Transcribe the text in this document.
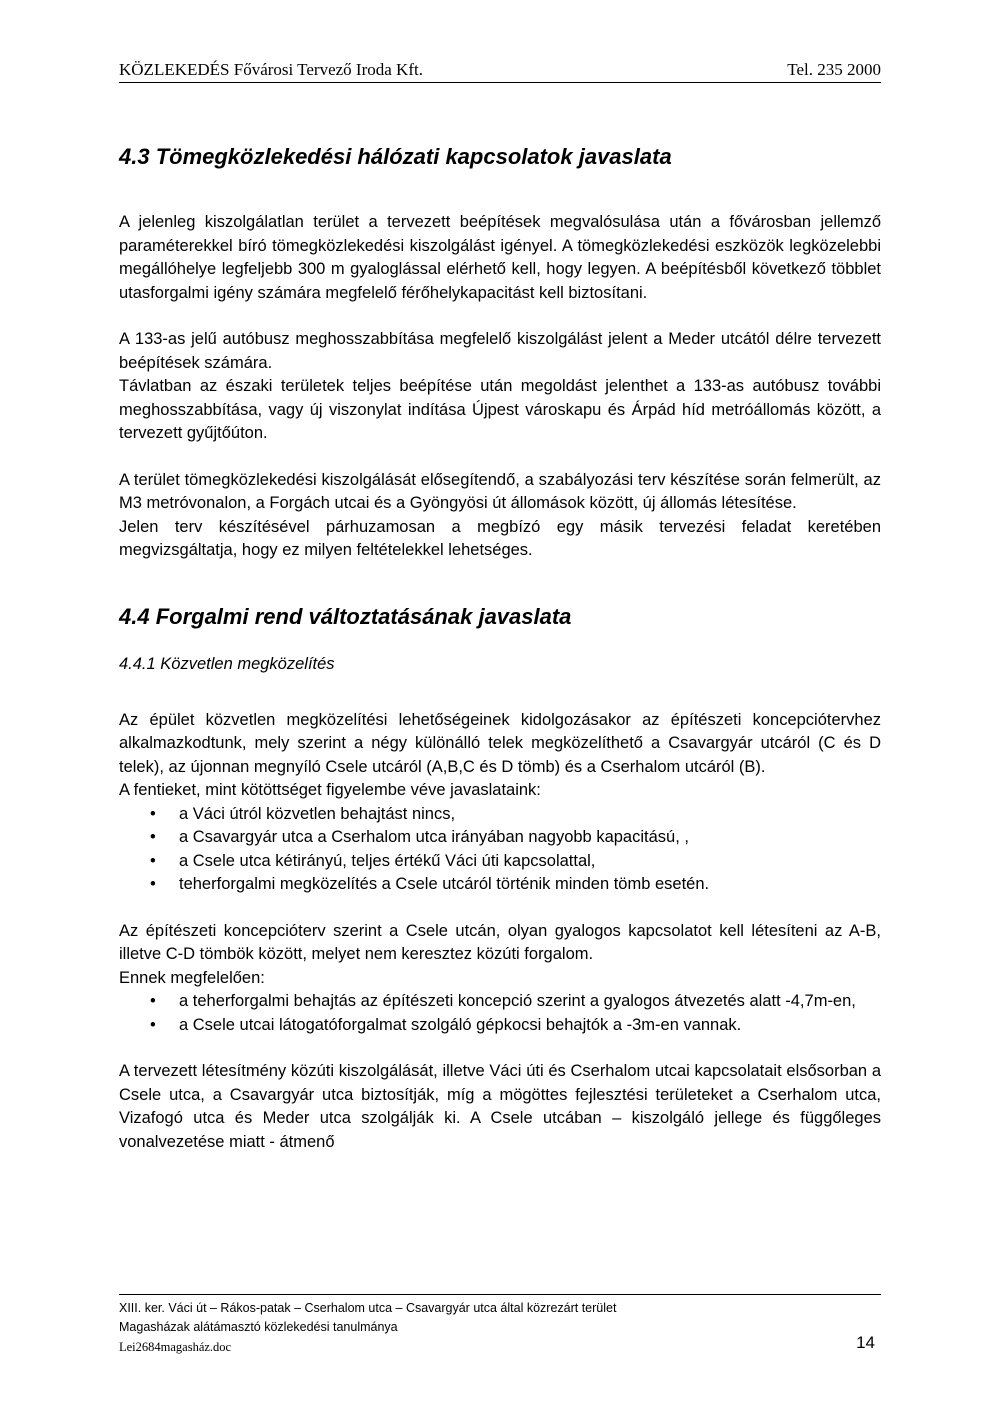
KÖZLEKEDÉS Fővárosi Tervező Iroda Kft.	Tel. 235 2000
4.3 Tömegközlekedési hálózati kapcsolatok javaslata

A jelenleg kiszolgálatlan terület a tervezett beépítések megvalósulása után a fővárosban jellemző paraméterekkel bíró tömegközlekedési kiszolgálást igényel. A tömegközlekedési eszközök legközelebbi megállóhelye legfeljebb 300 m gyaloglással elérhető kell, hogy legyen. A beépítésből következő többlet utasforgalmi igény számára megfelelő férőhelykapacitást kell biztosítani.

A 133-as jelű autóbusz meghosszabbítása megfelelő kiszolgálást jelent a Meder utcától délre tervezett beépítések számára.

Távlatban az északi területek teljes beépítése után megoldást jelenthet a 133-as autóbusz további meghosszabbítása, vagy új viszonylat indítása Újpest városkapu és Árpád híd metróállomás között, a tervezett gyűjtőúton.

A terület tömegközlekedési kiszolgálását elősegítendő, a szabályozási terv készítése során felmerült, az M3 metróvonalon, a Forgách utcai és a Gyöngyösi út állomások között, új állomás létesítése.

Jelen terv készítésével párhuzamosan a megbízó egy másik tervezési feladat keretében megvizsgáltatja, hogy ez milyen feltételekkel lehetséges.

4.4 Forgalmi rend változtatásának javaslata
4.4.1 Közvetlen megközelítés

Az épület közvetlen megközelítési lehetőségeinek kidolgozásakor az építészeti koncepciótervhez alkalmazkodtunk, mely szerint a négy különálló telek megközelíthető a Csavargyár utcáról (C és D telek), az újonnan megnyíló Csele utcáról (A,B,C és D tömb) és a Cserhalom utcáról (B).

A fentieket, mint kötöttséget figyelembe véve javaslataink:

• a Váci útról közvetlen behajtást nincs,
• a Csavargyár utca a Cserhalom utca irányában nagyobb kapacitású, ,
• a Csele utca kétirányú, teljes értékű Váci úti kapcsolattal,
• teherforgalmi megközelítés a Csele utcáról történik minden tömb esetén.

Az építészeti koncepcióterv szerint a Csele utcán, olyan gyalogos kapcsolatot kell létesíteni az A-B, illetve C-D tömbök között, melyet nem keresztez közúti forgalom.

Ennek megfelelően:

• a teherforgalmi behajtás az építészeti koncepció szerint a gyalogos átvezetés alatt -4,7m-en,
• a Csele utcai látogatóforgalmat szolgáló gépkocsi behajtók a -3m-en vannak.

A tervezett létesítmény közúti kiszolgálását, illetve Váci úti és Cserhalom utcai kapcsolatait elsősorban a Csele utca, a Csavargyár utca biztosítják, míg a mögöttes fejlesztési területeket a Cserhalom utca, Vizafogó utca és Meder utca szolgálják ki. A Csele utcában – kiszolgáló jellege és függőleges vonalvezetése miatt - átmenő

XIII. ker. Váci út – Rákos-patak – Cserhalom utca – Csavargyár utca által közrezárt terület
Magasházak alátámasztó közlekedési tanulmánya
Lei2684magasház.doc	14
